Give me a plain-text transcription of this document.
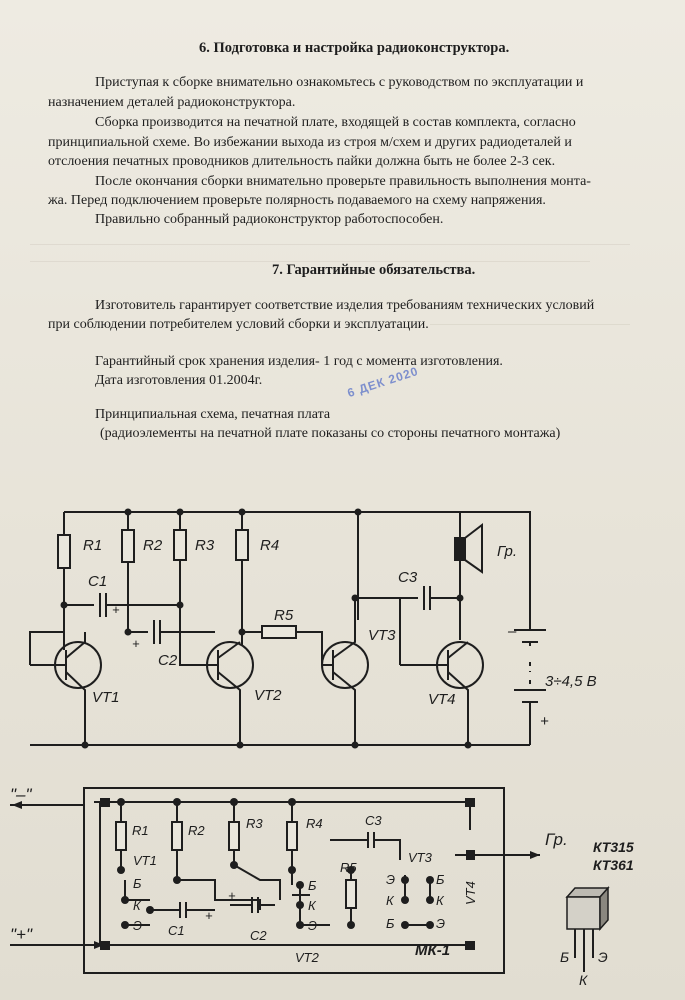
6. Подготовка и настройка радиоконструктора.
Приступая к сборке внимательно ознакомьтесь с руководством по эксплуатации и
назначением деталей радиоконструктора.
Сборка производится на печатной плате, входящей в состав комплекта, согласно
принципиальной схеме. Во избежании выхода из строя м/схем и других радиодеталей и
отслоения печатных проводников длительность пайки должна быть не более 2-3 сек.
После окончания сборки внимательно проверьте правильность выполнения монта-
жа. Перед подключением проверьте полярность подаваемого на схему напряжения.
Правильно собранный радиоконструктор работоспособен.
7. Гарантийные обязательства.
Изготовитель гарантирует соответствие изделия требованиям технических условий
при соблюдении потребителем условий сборки и эксплуатации.
Гарантийный срок хранения изделия- 1 год с момента изготовления.
Дата изготовления 01.2004г.	6 ДЕК 2020
Принципиальная схема, печатная плата
(радиоэлементы на печатной плате показаны со стороны печатного монтажа)
R1	R2 R3	R4
R5
C1
C2
C3
VT1	VT2
VT3
VT4
Гр.
3÷4,5 В
–
+
+
+
"–"
"+"
Гр.
МК-1
R1	R2	R3	R4
R5
C3
C1	C2
VT1
VT2
VT3
VT4
Б
К
Э
Б
К
Э
Э
К
Б
Б
К
Э
+
+
КТ315
КТ361
Б Э
К
